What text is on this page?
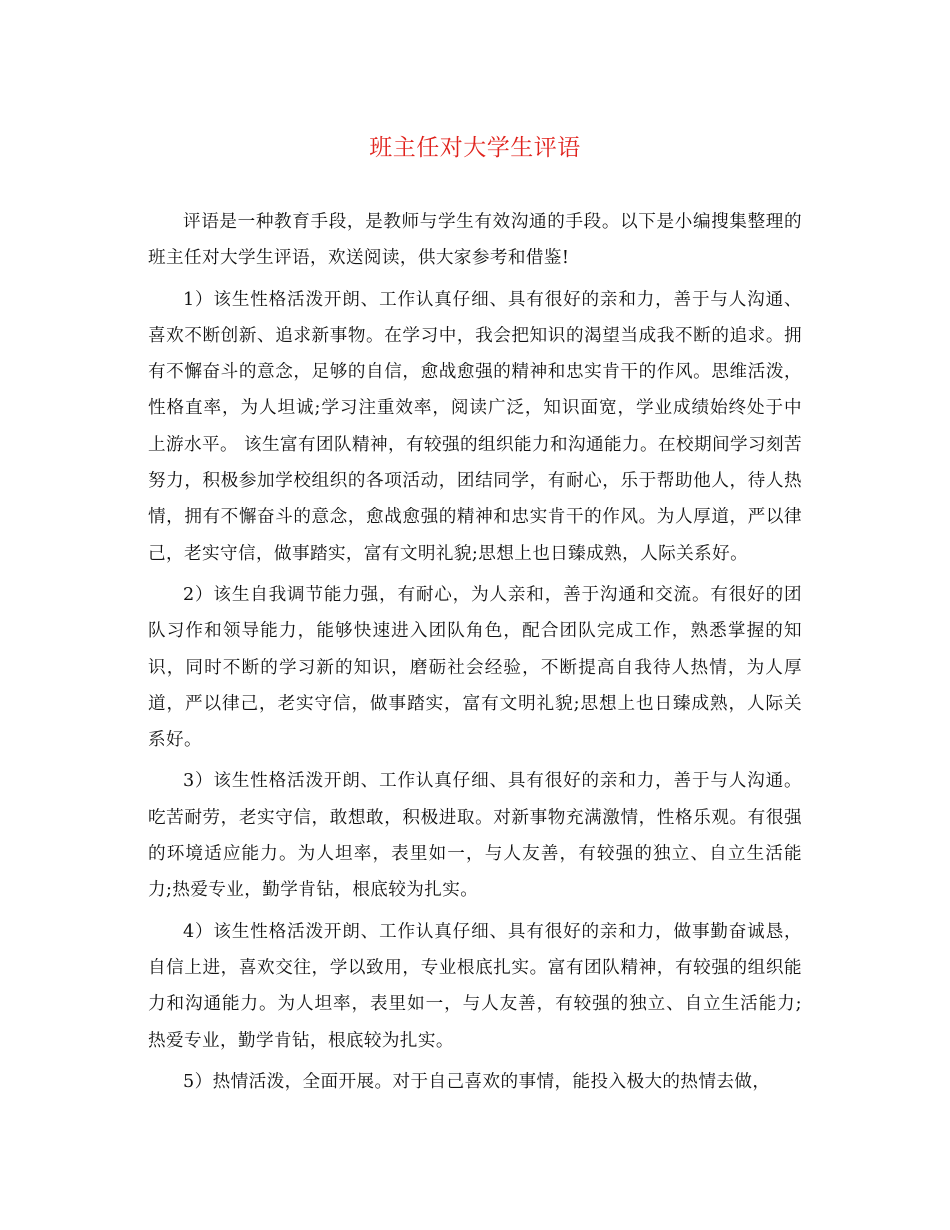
班主任对大学生评语

评语是一种教育手段，是教师与学生有效沟通的手段。以下是小编搜集整理的班主任对大学生评语，欢送阅读，供大家参考和借鉴!

1）该生性格活泼开朗、工作认真仔细、具有很好的亲和力，善于与人沟通、喜欢不断创新、追求新事物。在学习中，我会把知识的渴望当成我不断的追求。拥有不懈奋斗的意念，足够的自信，愈战愈强的精神和忠实肯干的作风。思维活泼，性格直率，为人坦诚;学习注重效率，阅读广泛，知识面宽，学业成绩始终处于中上游水平。 该生富有团队精神，有较强的组织能力和沟通能力。在校期间学习刻苦努力，积极参加学校组织的各项活动，团结同学，有耐心，乐于帮助他人，待人热情，拥有不懈奋斗的意念，愈战愈强的精神和忠实肯干的作风。为人厚道，严以律己，老实守信，做事踏实，富有文明礼貌;思想上也日臻成熟，人际关系好。

2）该生自我调节能力强，有耐心，为人亲和，善于沟通和交流。有很好的团队习作和领导能力，能够快速进入团队角色，配合团队完成工作，熟悉掌握的知识，同时不断的学习新的知识，磨砺社会经验，不断提高自我待人热情，为人厚道，严以律己，老实守信，做事踏实，富有文明礼貌;思想上也日臻成熟，人际关系好。

3）该生性格活泼开朗、工作认真仔细、具有很好的亲和力，善于与人沟通。吃苦耐劳，老实守信，敢想敢，积极进取。对新事物充满激情，性格乐观。有很强的环境适应能力。为人坦率，表里如一，与人友善，有较强的独立、自立生活能力;热爱专业，勤学肯钻，根底较为扎实。

4）该生性格活泼开朗、工作认真仔细、具有很好的亲和力，做事勤奋诚恳，自信上进，喜欢交往，学以致用，专业根底扎实。富有团队精神，有较强的组织能力和沟通能力。为人坦率，表里如一，与人友善，有较强的独立、自立生活能力;热爱专业，勤学肯钻，根底较为扎实。

5）热情活泼，全面开展。对于自己喜欢的事情，能投入极大的热情去做，
